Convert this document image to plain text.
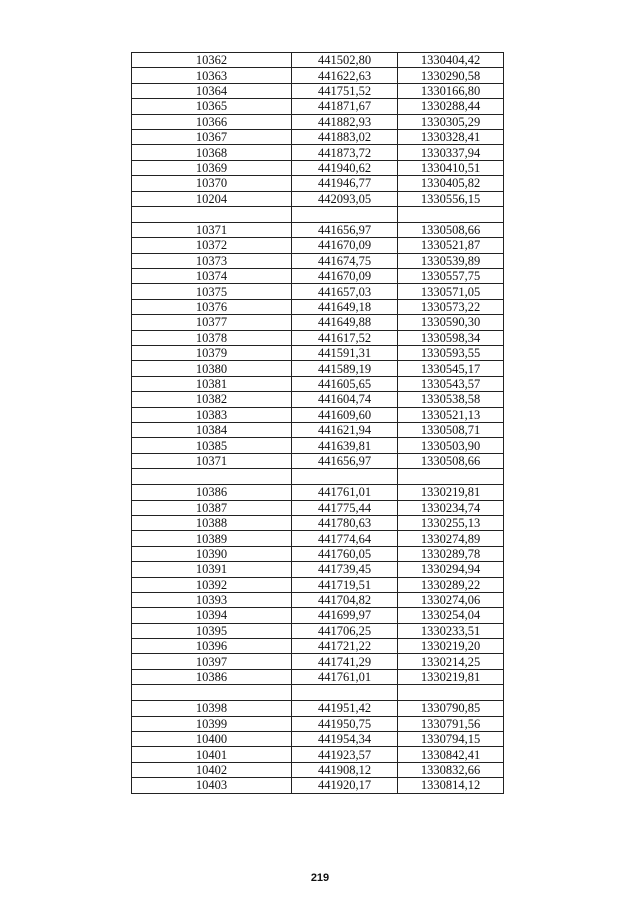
10362	441502,80	1330404,42
10363	441622,63	1330290,58
10364	441751,52	1330166,80
10365	441871,67	1330288,44
10366	441882,93	1330305,29
10367	441883,02	1330328,41
10368	441873,72	1330337,94
10369	441940,62	1330410,51
10370	441946,77	1330405,82
10204	442093,05	1330556,15

10371	441656,97	1330508,66
10372	441670,09	1330521,87
10373	441674,75	1330539,89
10374	441670,09	1330557,75
10375	441657,03	1330571,05
10376	441649,18	1330573,22
10377	441649,88	1330590,30
10378	441617,52	1330598,34
10379	441591,31	1330593,55
10380	441589,19	1330545,17
10381	441605,65	1330543,57
10382	441604,74	1330538,58
10383	441609,60	1330521,13
10384	441621,94	1330508,71
10385	441639,81	1330503,90
10371	441656,97	1330508,66

10386	441761,01	1330219,81
10387	441775,44	1330234,74
10388	441780,63	1330255,13
10389	441774,64	1330274,89
10390	441760,05	1330289,78
10391	441739,45	1330294,94
10392	441719,51	1330289,22
10393	441704,82	1330274,06
10394	441699,97	1330254,04
10395	441706,25	1330233,51
10396	441721,22	1330219,20
10397	441741,29	1330214,25
10386	441761,01	1330219,81

10398	441951,42	1330790,85
10399	441950,75	1330791,56
10400	441954,34	1330794,15
10401	441923,57	1330842,41
10402	441908,12	1330832,66
10403	441920,17	1330814,12
219
